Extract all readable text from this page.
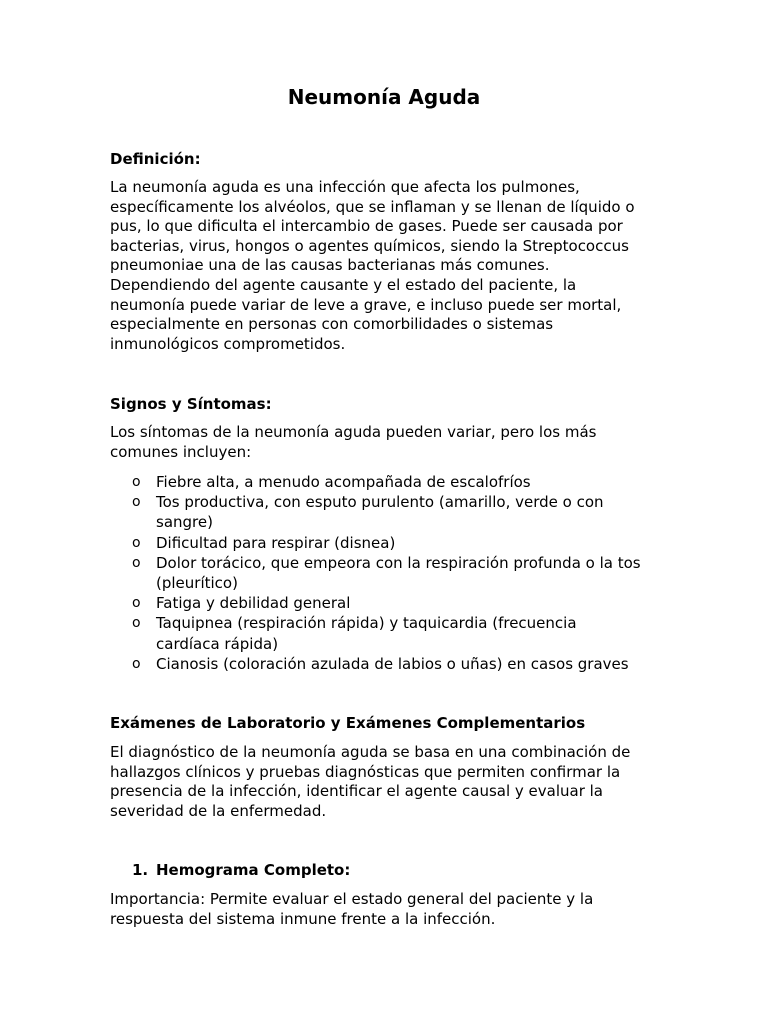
Neumonía Aguda

Definición:

La neumonía aguda es una infección que afecta los pulmones,
específicamente los alvéolos, que se inflaman y se llenan de líquido o
pus, lo que dificulta el intercambio de gases. Puede ser causada por
bacterias, virus, hongos o agentes químicos, siendo la Streptococcus
pneumoniae una de las causas bacterianas más comunes.
Dependiendo del agente causante y el estado del paciente, la
neumonía puede variar de leve a grave, e incluso puede ser mortal,
especialmente en personas con comorbilidades o sistemas
inmunológicos comprometidos.

Signos y Síntomas:

Los síntomas de la neumonía aguda pueden variar, pero los más
comunes incluyen:
o Fiebre alta, a menudo acompañada de escalofríos
o Tos productiva, con esputo purulento (amarillo, verde o con
sangre)
o Dificultad para respirar (disnea)
o Dolor torácico, que empeora con la respiración profunda o la tos
(pleurítico)
o Fatiga y debilidad general
o Taquipnea (respiración rápida) y taquicardia (frecuencia
cardíaca rápida)
o Cianosis (coloración azulada de labios o uñas) en casos graves

Exámenes de Laboratorio y Exámenes Complementarios

El diagnóstico de la neumonía aguda se basa en una combinación de
hallazgos clínicos y pruebas diagnósticas que permiten confirmar la
presencia de la infección, identificar el agente causal y evaluar la
severidad de la enfermedad.

1. Hemograma Completo:

Importancia: Permite evaluar el estado general del paciente y la
respuesta del sistema inmune frente a la infección.
